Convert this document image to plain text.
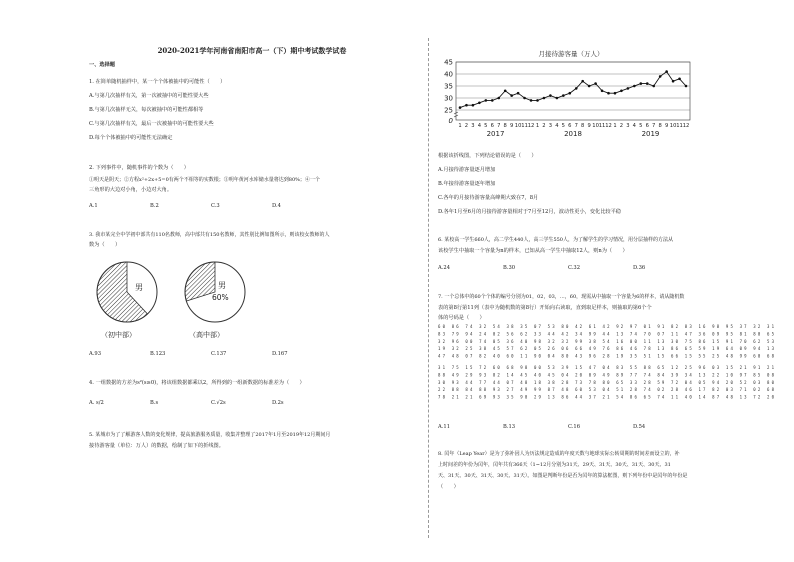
2020-2021学年河南省南阳市高一（下）期中考试数学试卷
一、选择题
1. 在简单随机抽样中，某一个个体被抽中的可能性（　　）
A.与第几次抽样有关，第一次被抽中的可能性要大些
B.与第几次抽样无关，每次被抽中的可能性都相等
C.与第几次抽样有关，最后一次被抽中的可能性要大些
D.每个个体被抽中的可能性无法确定
2. 下列事件中，随机事件的个数为（　　）
①明天是阴天；②方程x²+2x+5=0有两个不相等的实数根；③明年黄河水库储水量将达到80%；④一个
三角形的大边对小角，小边对大角。
A.1	B.2	C.3	D.4
3. 我市某完全中学初中部共有110名教师，高中部共有150名教师，其性别比例如图所示，则该校女教师的人
数为（　　）
男
（初中部）
男
60%
（高中部）
A.93	B.123	C.137	D.167
4. 一组数据的方差为s²(s≥0)，将该组数据都乘以2，所得到的一组新数据的标准差为（　　）
A. s/2	B.s	C.√2s	D.2s
5. 某城市为了了解游客人数的变化规律，提高旅游服务质量，收集并整理了2017年1月至2019年12月期间月
接待游客量（单位：万人）的数据，绘制了如下的折线图。
月接待游客量（万人）
25
30
35
40
45
0
1 2 3 4 5 6 7 8 9 10 11 12 1 2 3 4 5 6 7 8 9 10 11 12 1 2 3 4 5 6 7 8 9 10 11 12
2017	2018	2019
根据该折线图，下列结论错误的是（　　）
A.月接待游客量逐月增加
B.年接待游客量逐年增加
C.各年的月接待游客量高峰期大致在7，8月
D.各年1月至6月的月接待游客量相对于7月至12月，波动性更小，变化比较平稳
6. 某校高一学生660人，高二学生440人，高三学生550人，为了解学生的学习情况，用分层抽样的方法从
该校学生中抽取一个容量为n的样本，已知从高一学生中抽取12人，则n为（　　）
A.24	B.30	C.32	D.36
7. 一个总体中的60个个体的编号分别为01，02，03，…，60，现需从中抽取一个容量为6的样本，请从随机数
表的第8行第11列（表中为随机数的第8行）开始向右读取，直到取足样本，则抽取的第6个个
体的号码是（　　）
60 86 74 32 54 38 35 07 53 80 42 61 42 92 97 01 91 82 83 16 98 95 37 32 31
83 79 94 24 02 56 62 33 44 42 34 99 44 13 74 70 07 11 47 36 09 95 81 80 65
32 96 00 74 05 36 40 98 32 32 99 38 54 16 00 11 13 30 75 86 15 91 70 62 53
19 32 25 38 45 57 62 05 26 06 66 49 76 86 46 78 13 86 65 59 19 64 09 94 13
47 48 07 82 40 60 11 90 04 80 43 96 28 19 35 51 15 66 15 55 25 48 99 60 68
31 75 15 72 60 68 98 00 53 39 15 47 04 83 55 88 65 12 25 96 03 15 21 91 21
88 49 29 93 82 14 45 40 45 04 20 09 49 89 77 74 84 39 34 13 22 10 97 85 08
30 93 44 77 44 07 48 18 38 28 73 78 80 65 33 28 59 72 04 05 94 20 52 03 80
22 88 84 88 93 27 49 99 87 48 60 53 04 51 28 74 02 28 46 17 82 03 71 02 68
78 21 21 69 93 35 90 29 13 86 44 37 21 54 86 65 74 11 40 14 87 48 13 72 20
A.11	B.13	C.16	D.54
8. 闰年（Leap Year）是为了弥补因人为历法规定造成的年度天数与地球实际公转周期的时间差而设立的，补
上时间差的年份为闰年，闰年共有366天（1~12月分别为31天、29天、31天、30天、31天、30天、31
天、31天、30天、31天、30天、31天）。如图是判断年份是否为闰年的算法框图，则下列年份中是闰年的年份是
（　　）
